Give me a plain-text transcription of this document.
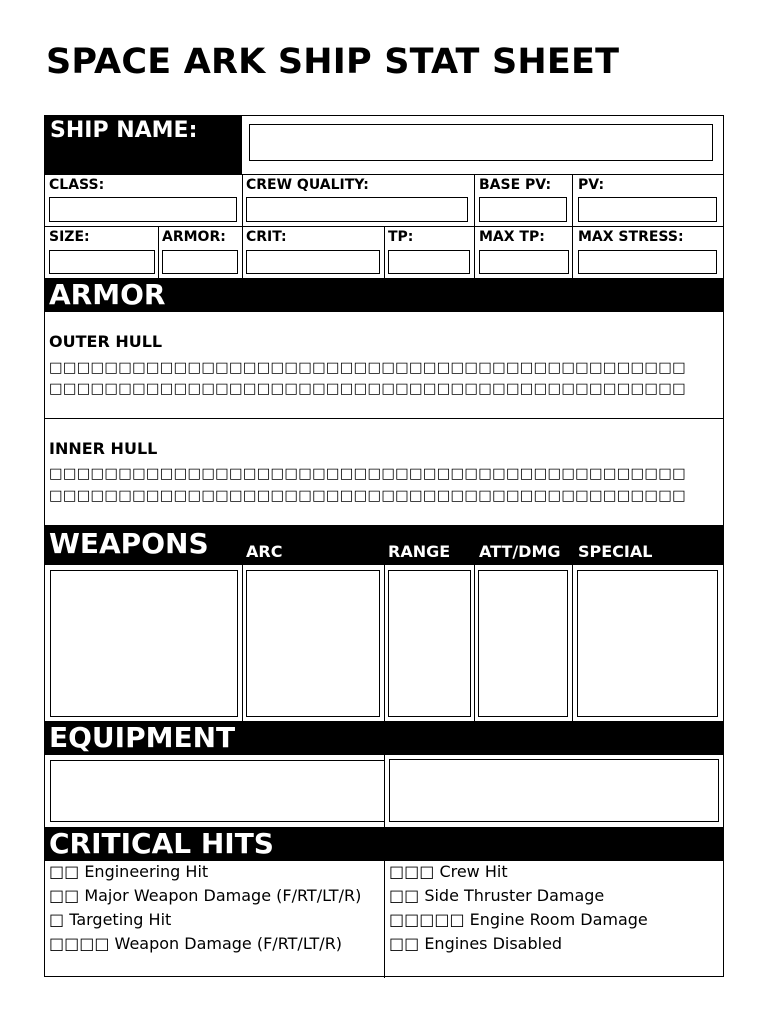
SPACE ARK SHIP STAT SHEET
SHIP NAME:
CLASS:	CREW QUALITY:	BASE PV: PV:
SIZE:	ARMOR: CRIT:	TP:	MAX TP: MAX STRESS:
ARMOR
OUTER HULL
□□□□□□□□□□□□□□□□□□□□□□□□□□□□□□□□□□□□□□□□□□□□□□
□□□□□□□□□□□□□□□□□□□□□□□□□□□□□□□□□□□□□□□□□□□□□□
INNER HULL
□□□□□□□□□□□□□□□□□□□□□□□□□□□□□□□□□□□□□□□□□□□□□□
□□□□□□□□□□□□□□□□□□□□□□□□□□□□□□□□□□□□□□□□□□□□□□
WEAPONS ARC	RANGE ATT/DMG SPECIAL
EQUIPMENT
CRITICAL HITS
□□ Engineering Hit
□□ Major Weapon Damage (F/RT/LT/R)
□ Targeting Hit
□□□□ Weapon Damage (F/RT/LT/R)
□□□ Crew Hit
□□ Side Thruster Damage
□□□□□ Engine Room Damage
□□ Engines Disabled
